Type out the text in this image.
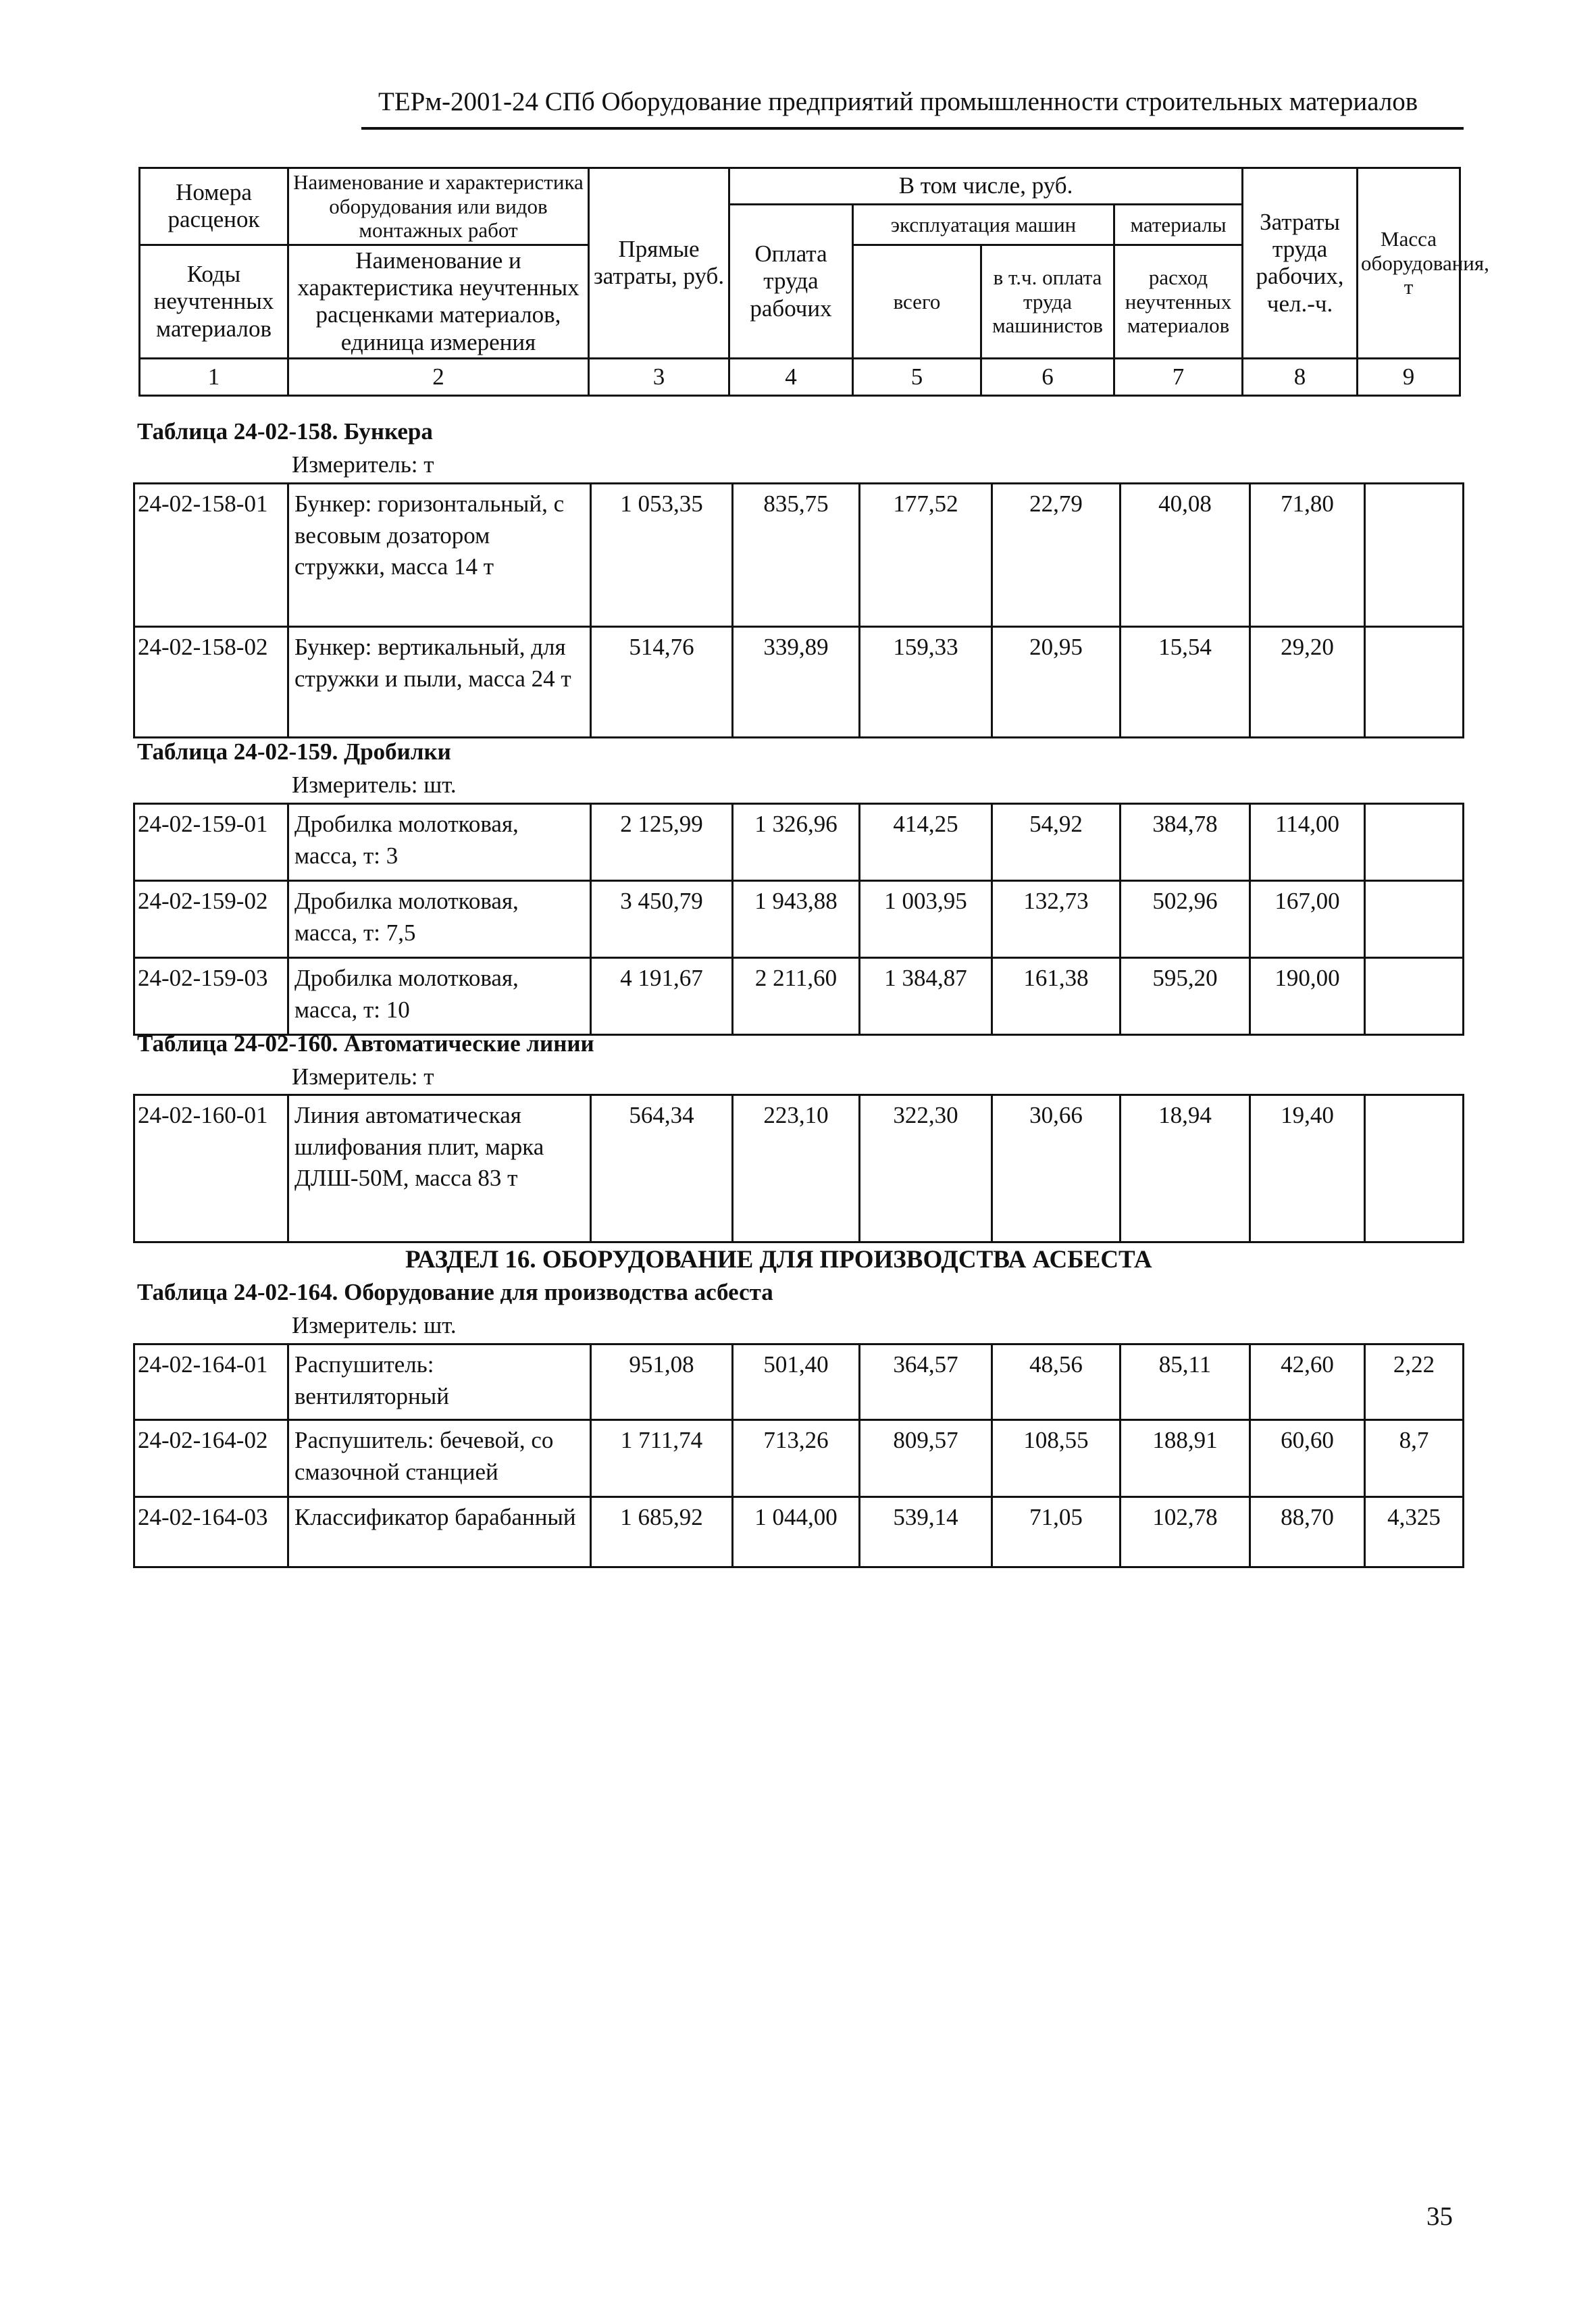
ТЕРм-2001-24 СПб Оборудование предприятий промышленности строительных материалов
Номера расценок	Наименование и характеристика оборудования или видов монтажных работ	Прямые затраты, руб.	В том числе, руб.				Затраты труда рабочих, чел.-ч.	Масса оборудования, т
			Оплата труда рабочих	эксплуатация машин		материалы		
Коды неучтенных материалов	Наименование и характеристика неучтенных расценками материалов, единица измерения			всего	в т.ч. оплата труда машинистов	расход неучтенных материалов		

1	2	3	4	5	6	7	8	9
Таблица 24-02-158. Бункера
Измеритель: т
24-02-158-01	Бункер: горизонтальный, с весовым дозатором стружки, масса 14 т	1 053,35	835,75	177,52	22,79	40,08	71,80	
24-02-158-02	Бункер: вертикальный, для стружки и пыли, масса 24 т	514,76	339,89	159,33	20,95	15,54	29,20	
Таблица 24-02-159. Дробилки
Измеритель: шт.
24-02-159-01	Дробилка молотковая, масса, т: 3	2 125,99	1 326,96	414,25	54,92	384,78	114,00	
24-02-159-02	Дробилка молотковая, масса, т: 7,5	3 450,79	1 943,88	1 003,95	132,73	502,96	167,00	
24-02-159-03	Дробилка молотковая, масса, т: 10	4 191,67	2 211,60	1 384,87	161,38	595,20	190,00	
Таблица 24-02-160. Автоматические линии
Измеритель: т
24-02-160-01	Линия автоматическая шлифования плит, марка ДЛШ-50М, масса 83 т	564,34	223,10	322,30	30,66	18,94	19,40	
РАЗДЕЛ 16. ОБОРУДОВАНИЕ ДЛЯ ПРОИЗВОДСТВА АСБЕСТА
Таблица 24-02-164. Оборудование для производства асбеста
Измеритель: шт.
24-02-164-01	Распушитель: вентиляторный	951,08	501,40	364,57	48,56	85,11	42,60	2,22
24-02-164-02	Распушитель: бечевой, со смазочной станцией	1 711,74	713,26	809,57	108,55	188,91	60,60	8,7
24-02-164-03	Классификатор барабанный	1 685,92	1 044,00	539,14	71,05	102,78	88,70	4,325
35
